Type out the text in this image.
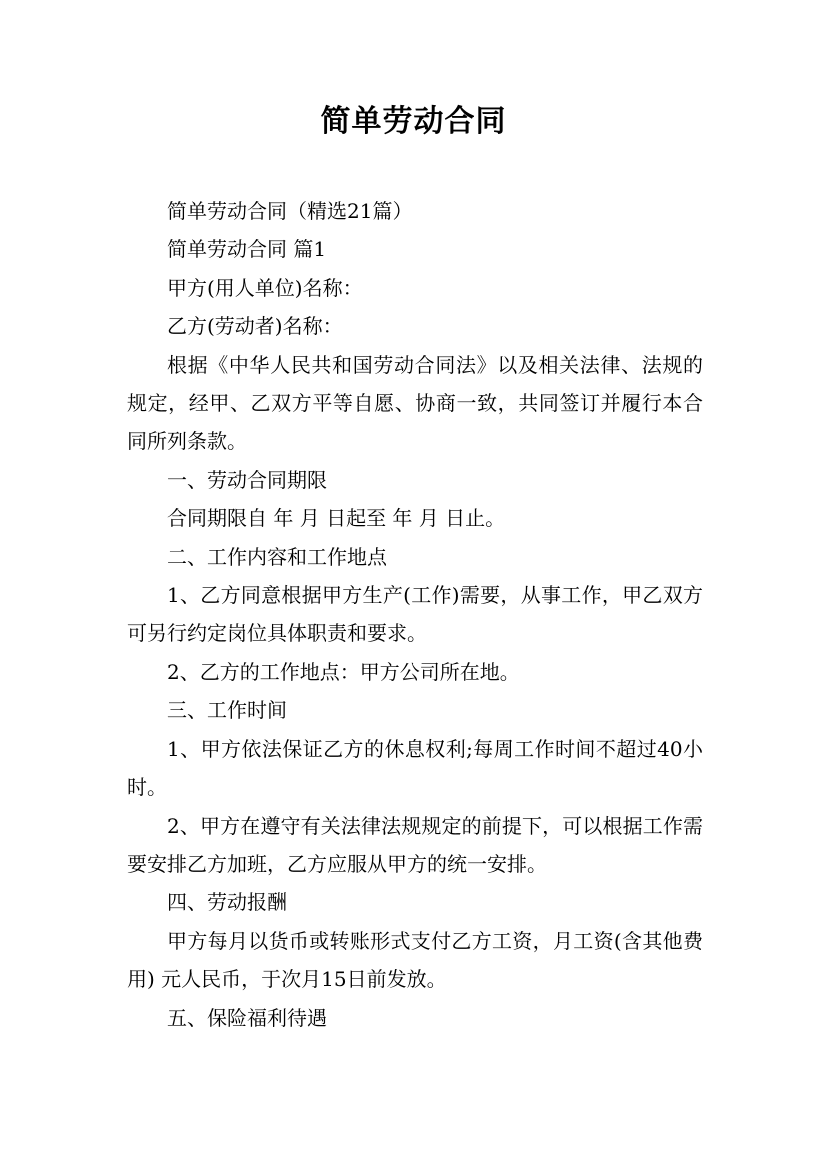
简单劳动合同

简单劳动合同（精选21篇）

简单劳动合同 篇1

甲方(用人单位)名称：

乙方(劳动者)名称：

根据《中华人民共和国劳动合同法》以及相关法律、法规的规定，经甲、乙双方平等自愿、协商一致，共同签订并履行本合同所列条款。

一、劳动合同期限

合同期限自 年 月 日起至 年 月 日止。

二、工作内容和工作地点

1、乙方同意根据甲方生产(工作)需要，从事工作，甲乙双方可另行约定岗位具体职责和要求。

2、乙方的工作地点：甲方公司所在地。

三、工作时间

1、甲方依法保证乙方的休息权利;每周工作时间不超过40小时。

2、甲方在遵守有关法律法规规定的前提下，可以根据工作需要安排乙方加班，乙方应服从甲方的统一安排。

四、劳动报酬

甲方每月以货币或转账形式支付乙方工资，月工资(含其他费用) 元人民币，于次月15日前发放。

五、保险福利待遇
